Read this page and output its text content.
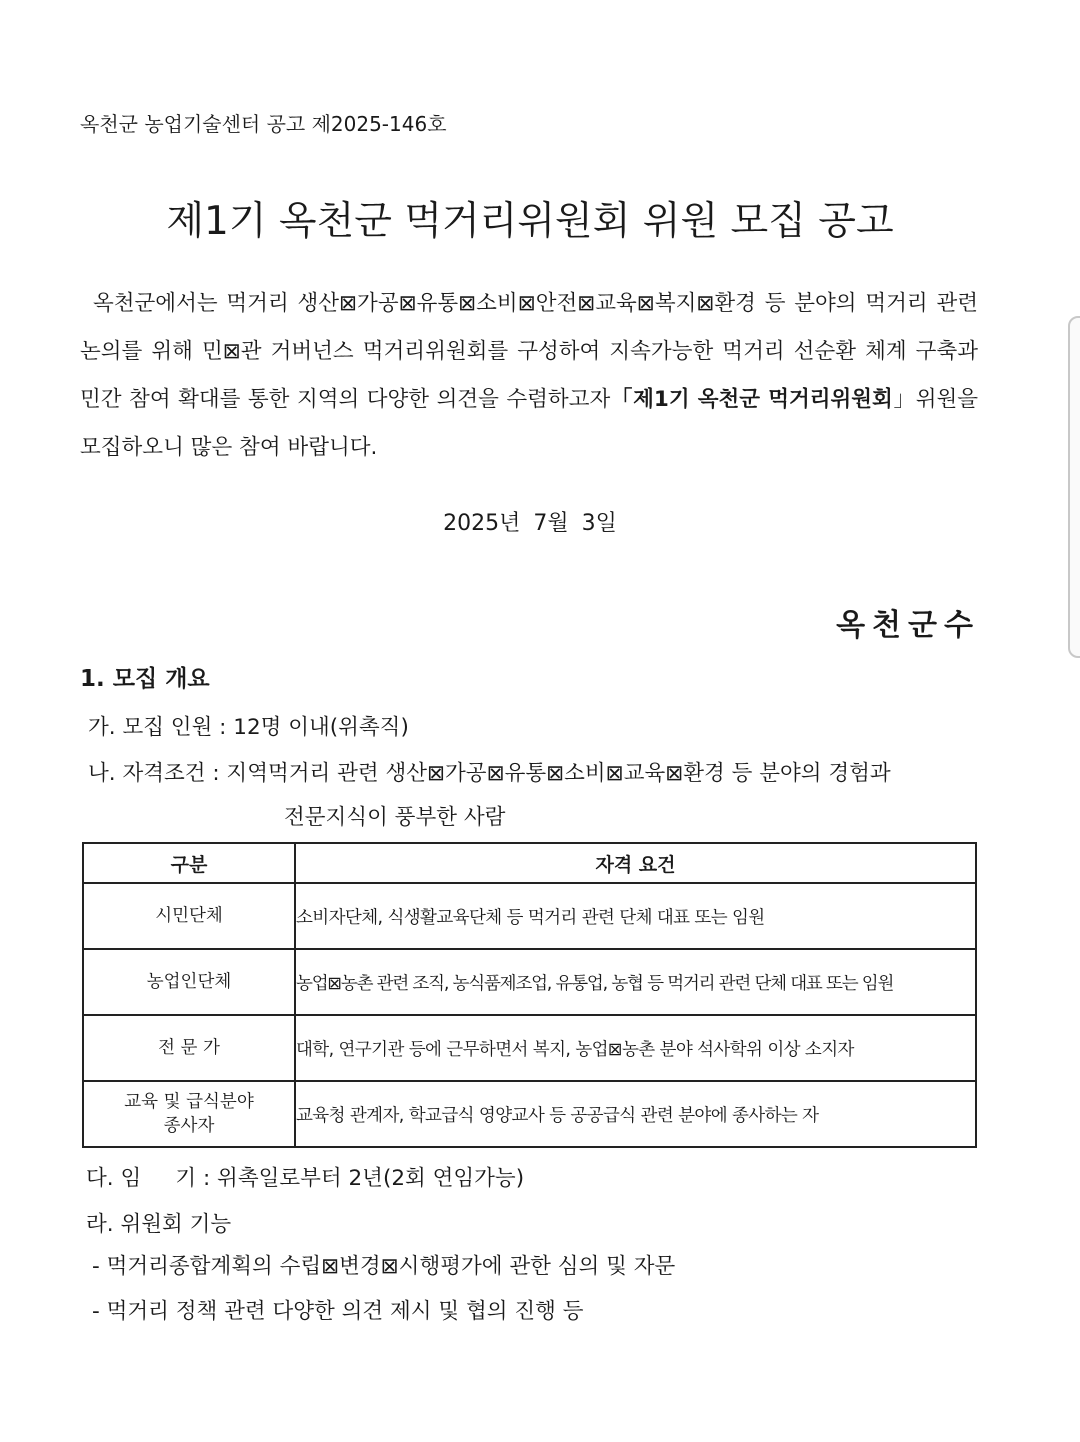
옥천군 농업기술센터 공고 제2025-146호
제1기 옥천군 먹거리위원회 위원 모집 공고
옥천군에서는 먹거리 생산⊠가공⊠유통⊠소비⊠안전⊠교육⊠복지⊠환경 등 분야의 먹거리 관련 논의를 위해 민⊠관 거버넌스 먹거리위원회를 구성하여 지속가능한 먹거리 선순환 체계 구축과 민간 참여 확대를 통한 지역의 다양한 의견을 수렴하고자「제1기 옥천군 먹거리위원회」위원을 모집하오니 많은 참여 바랍니다.
2025년 7월 3일
옥천군수
1. 모집 개요
가. 모집 인원 : 12명 이내(위촉직)
나. 자격조건 : 지역먹거리 관련 생산⊠가공⊠유통⊠소비⊠교육⊠환경 등 분야의 경험과
전문지식이 풍부한 사람
구분	자격 요건
시민단체	소비자단체, 식생활교육단체 등 먹거리 관련 단체 대표 또는 임원
농업인단체	농업⊠농촌 관련 조직, 농식품제조업, 유통업, 농협 등 먹거리 관련 단체 대표 또는 임원
전 문 가	대학, 연구기관 등에 근무하면서 복지, 농업⊠농촌 분야 석사학위 이상 소지자
교육 및 급식분야
종사자	교육청 관계자, 학교급식 영양교사 등 공공급식 관련 분야에 종사하는 자
다. 임     기 : 위촉일로부터 2년(2회 연임가능)
라. 위원회 기능
- 먹거리종합계획의 수립⊠변경⊠시행평가에 관한 심의 및 자문
- 먹거리 정책 관련 다양한 의견 제시 및 협의 진행 등
